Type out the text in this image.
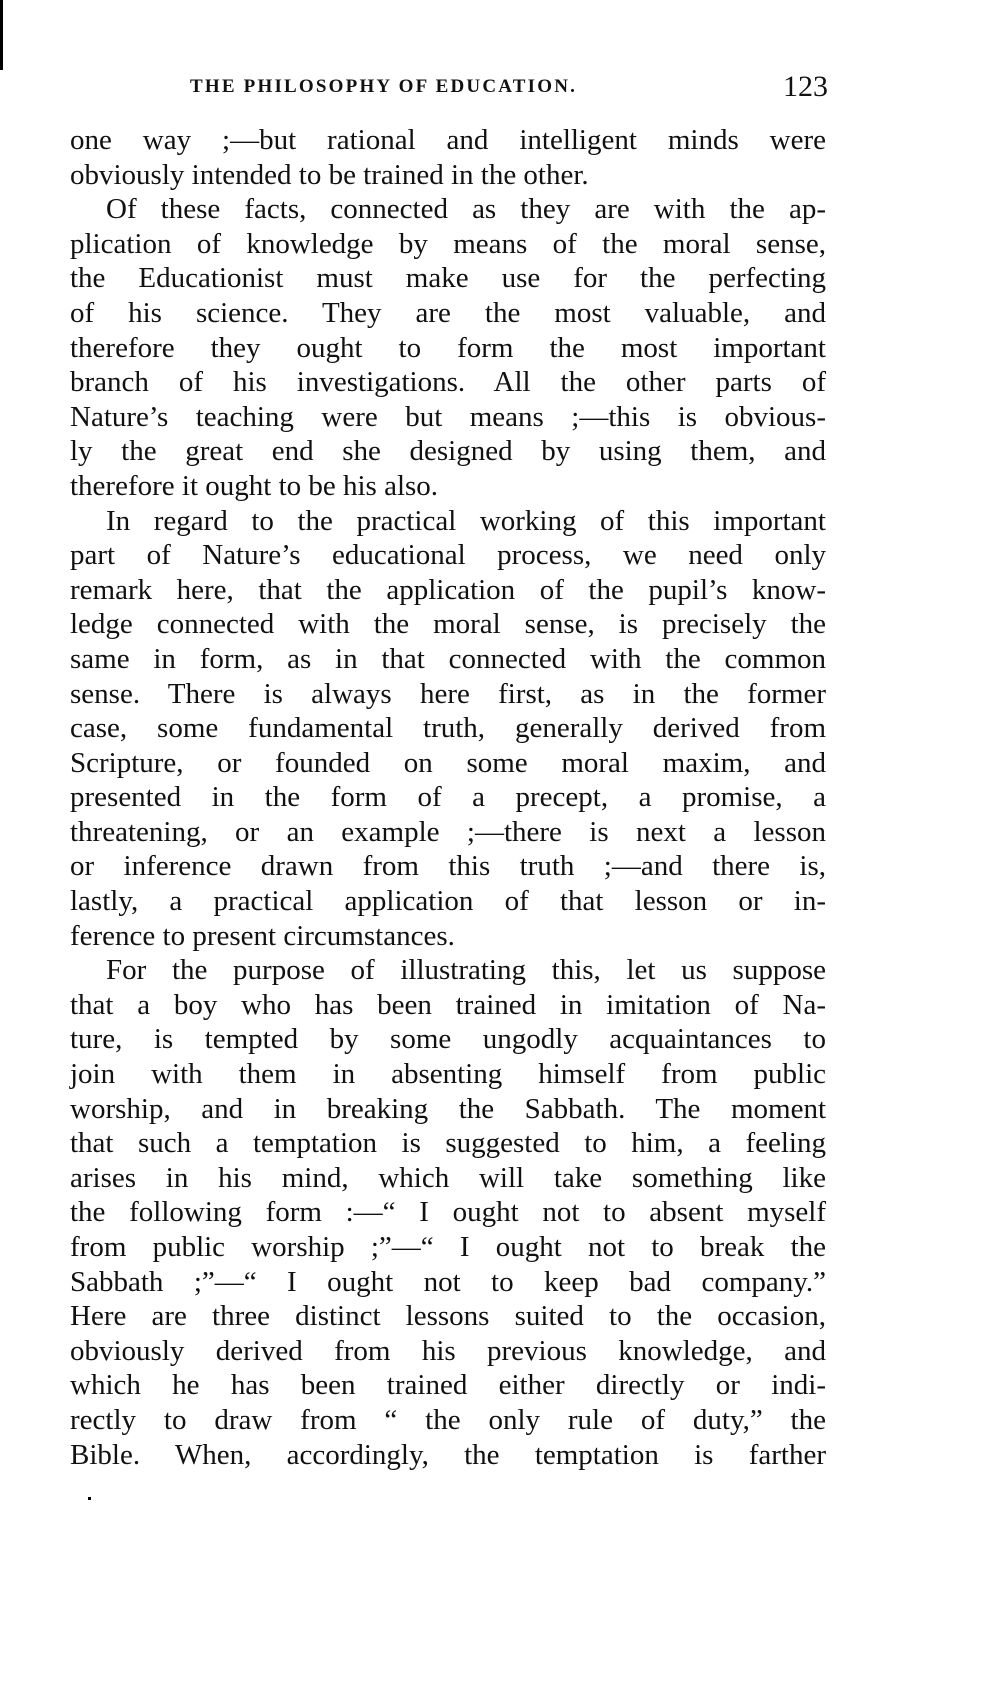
THE PHILOSOPHY OF EDUCATION.	123
one way ;—but rational and intelligent minds were
obviously intended to be trained in the other.
Of these facts, connected as they are with the ap-
plication of knowledge by means of the moral sense,
the Educationist must make use for the perfecting
of his science. They are the most valuable, and
therefore they ought to form the most important
branch of his investigations. All the other parts of
Nature’s teaching were but means ;—this is obvious-
ly the great end she designed by using them, and
therefore it ought to be his also.
In regard to the practical working of this important
part of Nature’s educational process, we need only
remark here, that the application of the pupil’s know-
ledge connected with the moral sense, is precisely the
same in form, as in that connected with the common
sense. There is always here first, as in the former
case, some fundamental truth, generally derived from
Scripture, or founded on some moral maxim, and
presented in the form of a precept, a promise, a
threatening, or an example ;—there is next a lesson
or inference drawn from this truth ;—and there is,
lastly, a practical application of that lesson or in-
ference to present circumstances.
For the purpose of illustrating this, let us suppose
that a boy who has been trained in imitation of Na-
ture, is tempted by some ungodly acquaintances to
join with them in absenting himself from public
worship, and in breaking the Sabbath. The moment
that such a temptation is suggested to him, a feeling
arises in his mind, which will take something like
the following form :—“ I ought not to absent myself
from public worship ;”—“ I ought not to break the
Sabbath ;”—“ I ought not to keep bad company.”
Here are three distinct lessons suited to the occasion,
obviously derived from his previous knowledge, and
which he has been trained either directly or indi-
rectly to draw from “ the only rule of duty,” the
Bible. When, accordingly, the temptation is farther
